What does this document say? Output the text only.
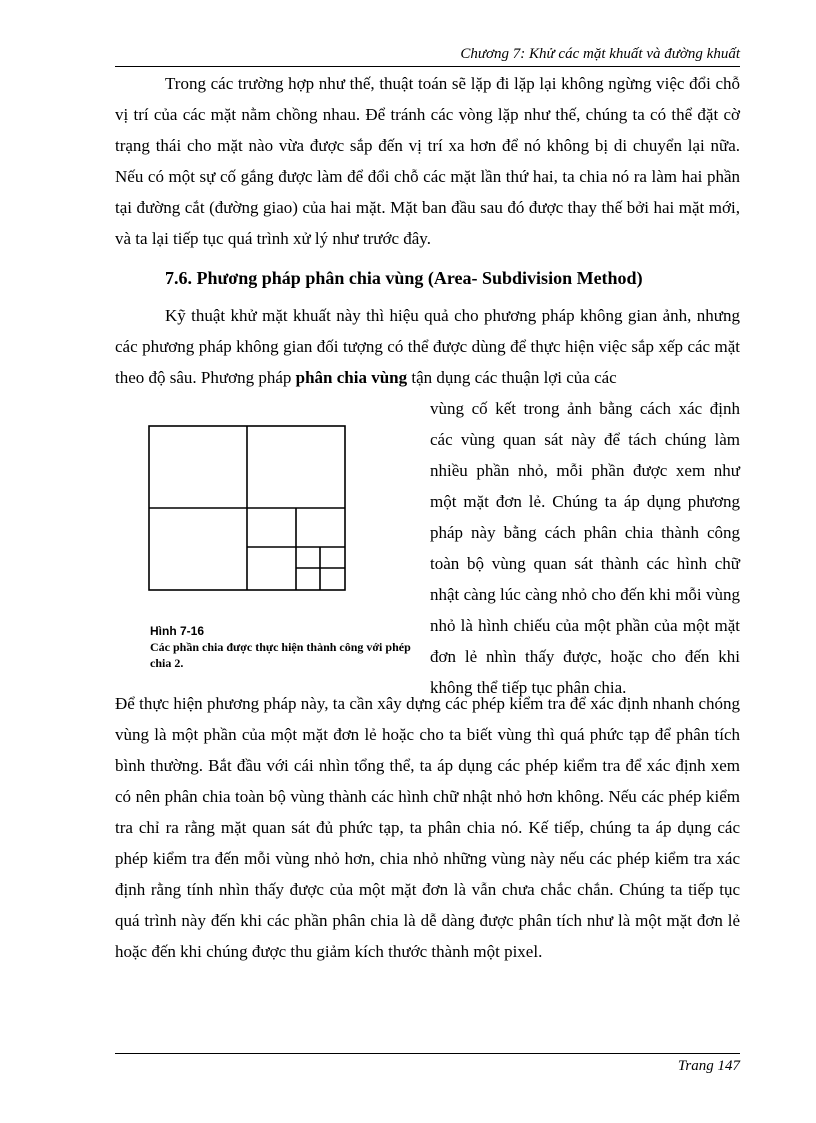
Chương 7: Khử các mặt khuất và đường khuất

Trong các trường hợp như thế, thuật toán sẽ lặp đi lặp lại không ngừng việc đổi chỗ vị trí của các mặt nằm chồng nhau. Để tránh các vòng lặp như thế, chúng ta có thể đặt cờ trạng thái cho mặt nào vừa được sắp đến vị trí xa hơn để nó không bị di chuyển lại nữa. Nếu có một sự cố gắng được làm để đổi chỗ các mặt lần thứ hai, ta chia nó ra làm hai phần tại đường cắt (đường giao) của hai mặt. Mặt ban đầu sau đó được thay thế bởi hai mặt mới, và ta lại tiếp tục quá trình xử lý như trước đây.

7.6. Phương pháp phân chia vùng (Area- Subdivision Method)

Kỹ thuật khử mặt khuất này thì hiệu quả cho phương pháp không gian ảnh, nhưng các phương pháp không gian đối tượng có thể được dùng để thực hiện việc sắp xếp các mặt theo độ sâu. Phương pháp phân chia vùng tận dụng các thuận lợi của các

vùng cố kết trong ảnh bằng cách xác định các vùng quan sát này để tách chúng làm nhiều phần nhỏ, mỗi phần được xem như một mặt đơn lẻ. Chúng ta áp dụng phương pháp này bằng cách phân chia thành công toàn bộ vùng quan sát thành các hình chữ nhật càng lúc càng nhỏ cho đến khi mỗi vùng nhỏ là hình chiếu của một phần của một mặt đơn lẻ nhìn thấy được, hoặc cho đến khi không thể tiếp tục phân chia.

Hình 7-16
Các phần chia được thực hiện thành công với phép chia 2.

Để thực hiện phương pháp này, ta cần xây dựng các phép kiểm tra để xác định nhanh chóng vùng là một phần của một mặt đơn lẻ hoặc cho ta biết vùng thì quá phức tạp để phân tích bình thường. Bắt đầu với cái nhìn tổng thể, ta áp dụng các phép kiểm tra để xác định xem có nên phân chia toàn bộ vùng thành các hình chữ nhật nhỏ hơn không. Nếu các phép kiểm tra chỉ ra rằng mặt quan sát đủ phức tạp, ta phân chia nó. Kế tiếp, chúng ta áp dụng các phép kiểm tra đến mỗi vùng nhỏ hơn, chia nhỏ những vùng này nếu các phép kiểm tra xác định rằng tính nhìn thấy được của một mặt đơn là vẫn chưa chắc chắn. Chúng ta tiếp tục quá trình này đến khi các phần phân chia là dễ dàng được phân tích như là một mặt đơn lẻ hoặc đến khi chúng được thu giảm kích thước thành một pixel.

Trang 147
